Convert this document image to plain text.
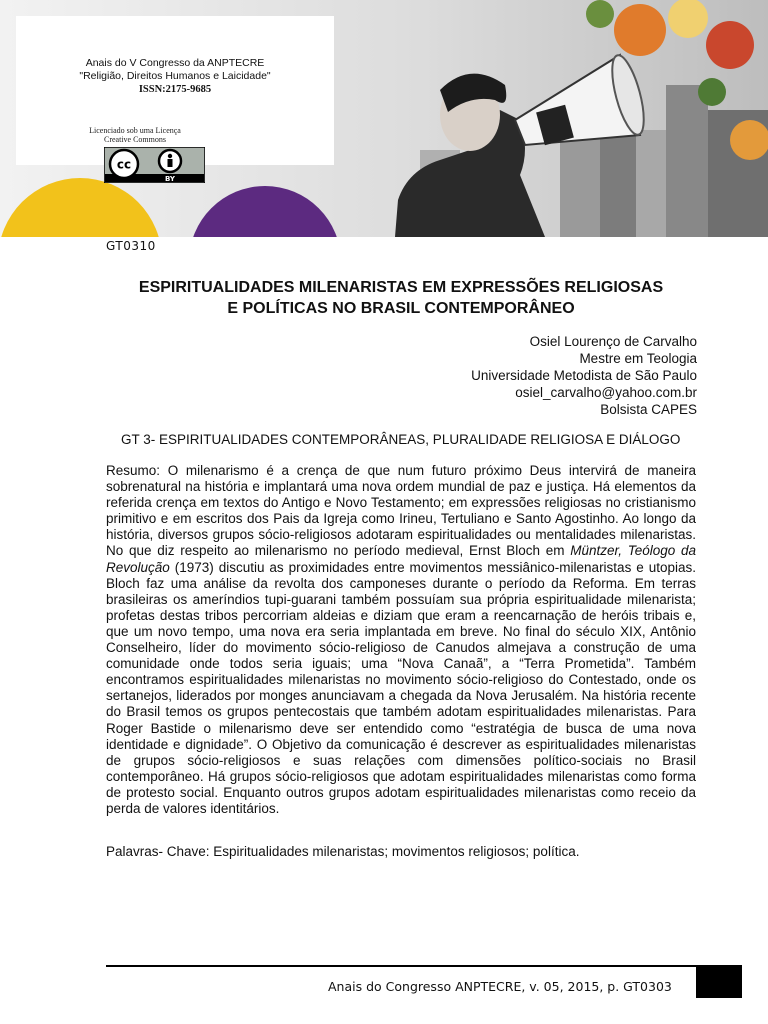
Anais do V Congresso da ANPTECRE
"Religião, Direitos Humanos e Laicidade"
ISSN:2175-9685
Licenciado sob uma Licença
Creative Commons
cc
BY
GT0310
ESPIRITUALIDADES MILENARISTAS EM EXPRESSÕES RELIGIOSAS
E POLÍTICAS NO BRASIL CONTEMPORÂNEO
Osiel Lourenço de Carvalho
Mestre em Teologia
Universidade Metodista de São Paulo
osiel_carvalho@yahoo.com.br
Bolsista CAPES
GT 3- ESPIRITUALIDADES CONTEMPORÂNEAS, PLURALIDADE RELIGIOSA E DIÁLOGO

Resumo: O milenarismo é a crença de que num futuro próximo Deus intervirá de maneira sobrenatural na história e implantará uma nova ordem mundial de paz e justiça. Há elementos da referida crença em textos do Antigo e Novo Testamento; em expressões religiosas no cristianismo primitivo e em escritos dos Pais da Igreja como Irineu, Tertuliano e Santo Agostinho. Ao longo da história, diversos grupos sócio-religiosos adotaram espiritualidades ou mentalidades milenaristas. No que diz respeito ao milenarismo no período medieval, Ernst Bloch em Müntzer, Teólogo da Revolução (1973) discutiu as proximidades entre movimentos messiânico-milenaristas e utopias. Bloch faz uma análise da revolta dos camponeses durante o período da Reforma. Em terras brasileiras os ameríndios tupi-guarani também possuíam sua própria espiritualidade milenarista; profetas destas tribos percorriam aldeias e diziam que eram a reencarnação de heróis tribais e, que um novo tempo, uma nova era seria implantada em breve. No final do século XIX, Antônio Conselheiro, líder do movimento sócio-religioso de Canudos almejava a construção de uma comunidade onde todos seria iguais; uma “Nova Canaã”, a “Terra Prometida”. Também encontramos espiritualidades milenaristas no movimento sócio-religioso do Contestado, onde os sertanejos, liderados por monges anunciavam a chegada da Nova Jerusalém. Na história recente do Brasil temos os grupos pentecostais que também adotam espiritualidades milenaristas. Para Roger Bastide o milenarismo deve ser entendido como “estratégia de busca de uma nova identidade e dignidade”. O Objetivo da comunicação é descrever as espiritualidades milenaristas de grupos sócio-religiosos e suas relações com dimensões político-sociais no Brasil contemporâneo. Há grupos sócio-religiosos que adotam espiritualidades milenaristas como forma de protesto social. Enquanto outros grupos adotam espiritualidades milenaristas como receio da perda de valores identitários.

Palavras- Chave: Espiritualidades milenaristas; movimentos religiosos; política.
Anais do Congresso ANPTECRE, v. 05, 2015, p. GT0303
